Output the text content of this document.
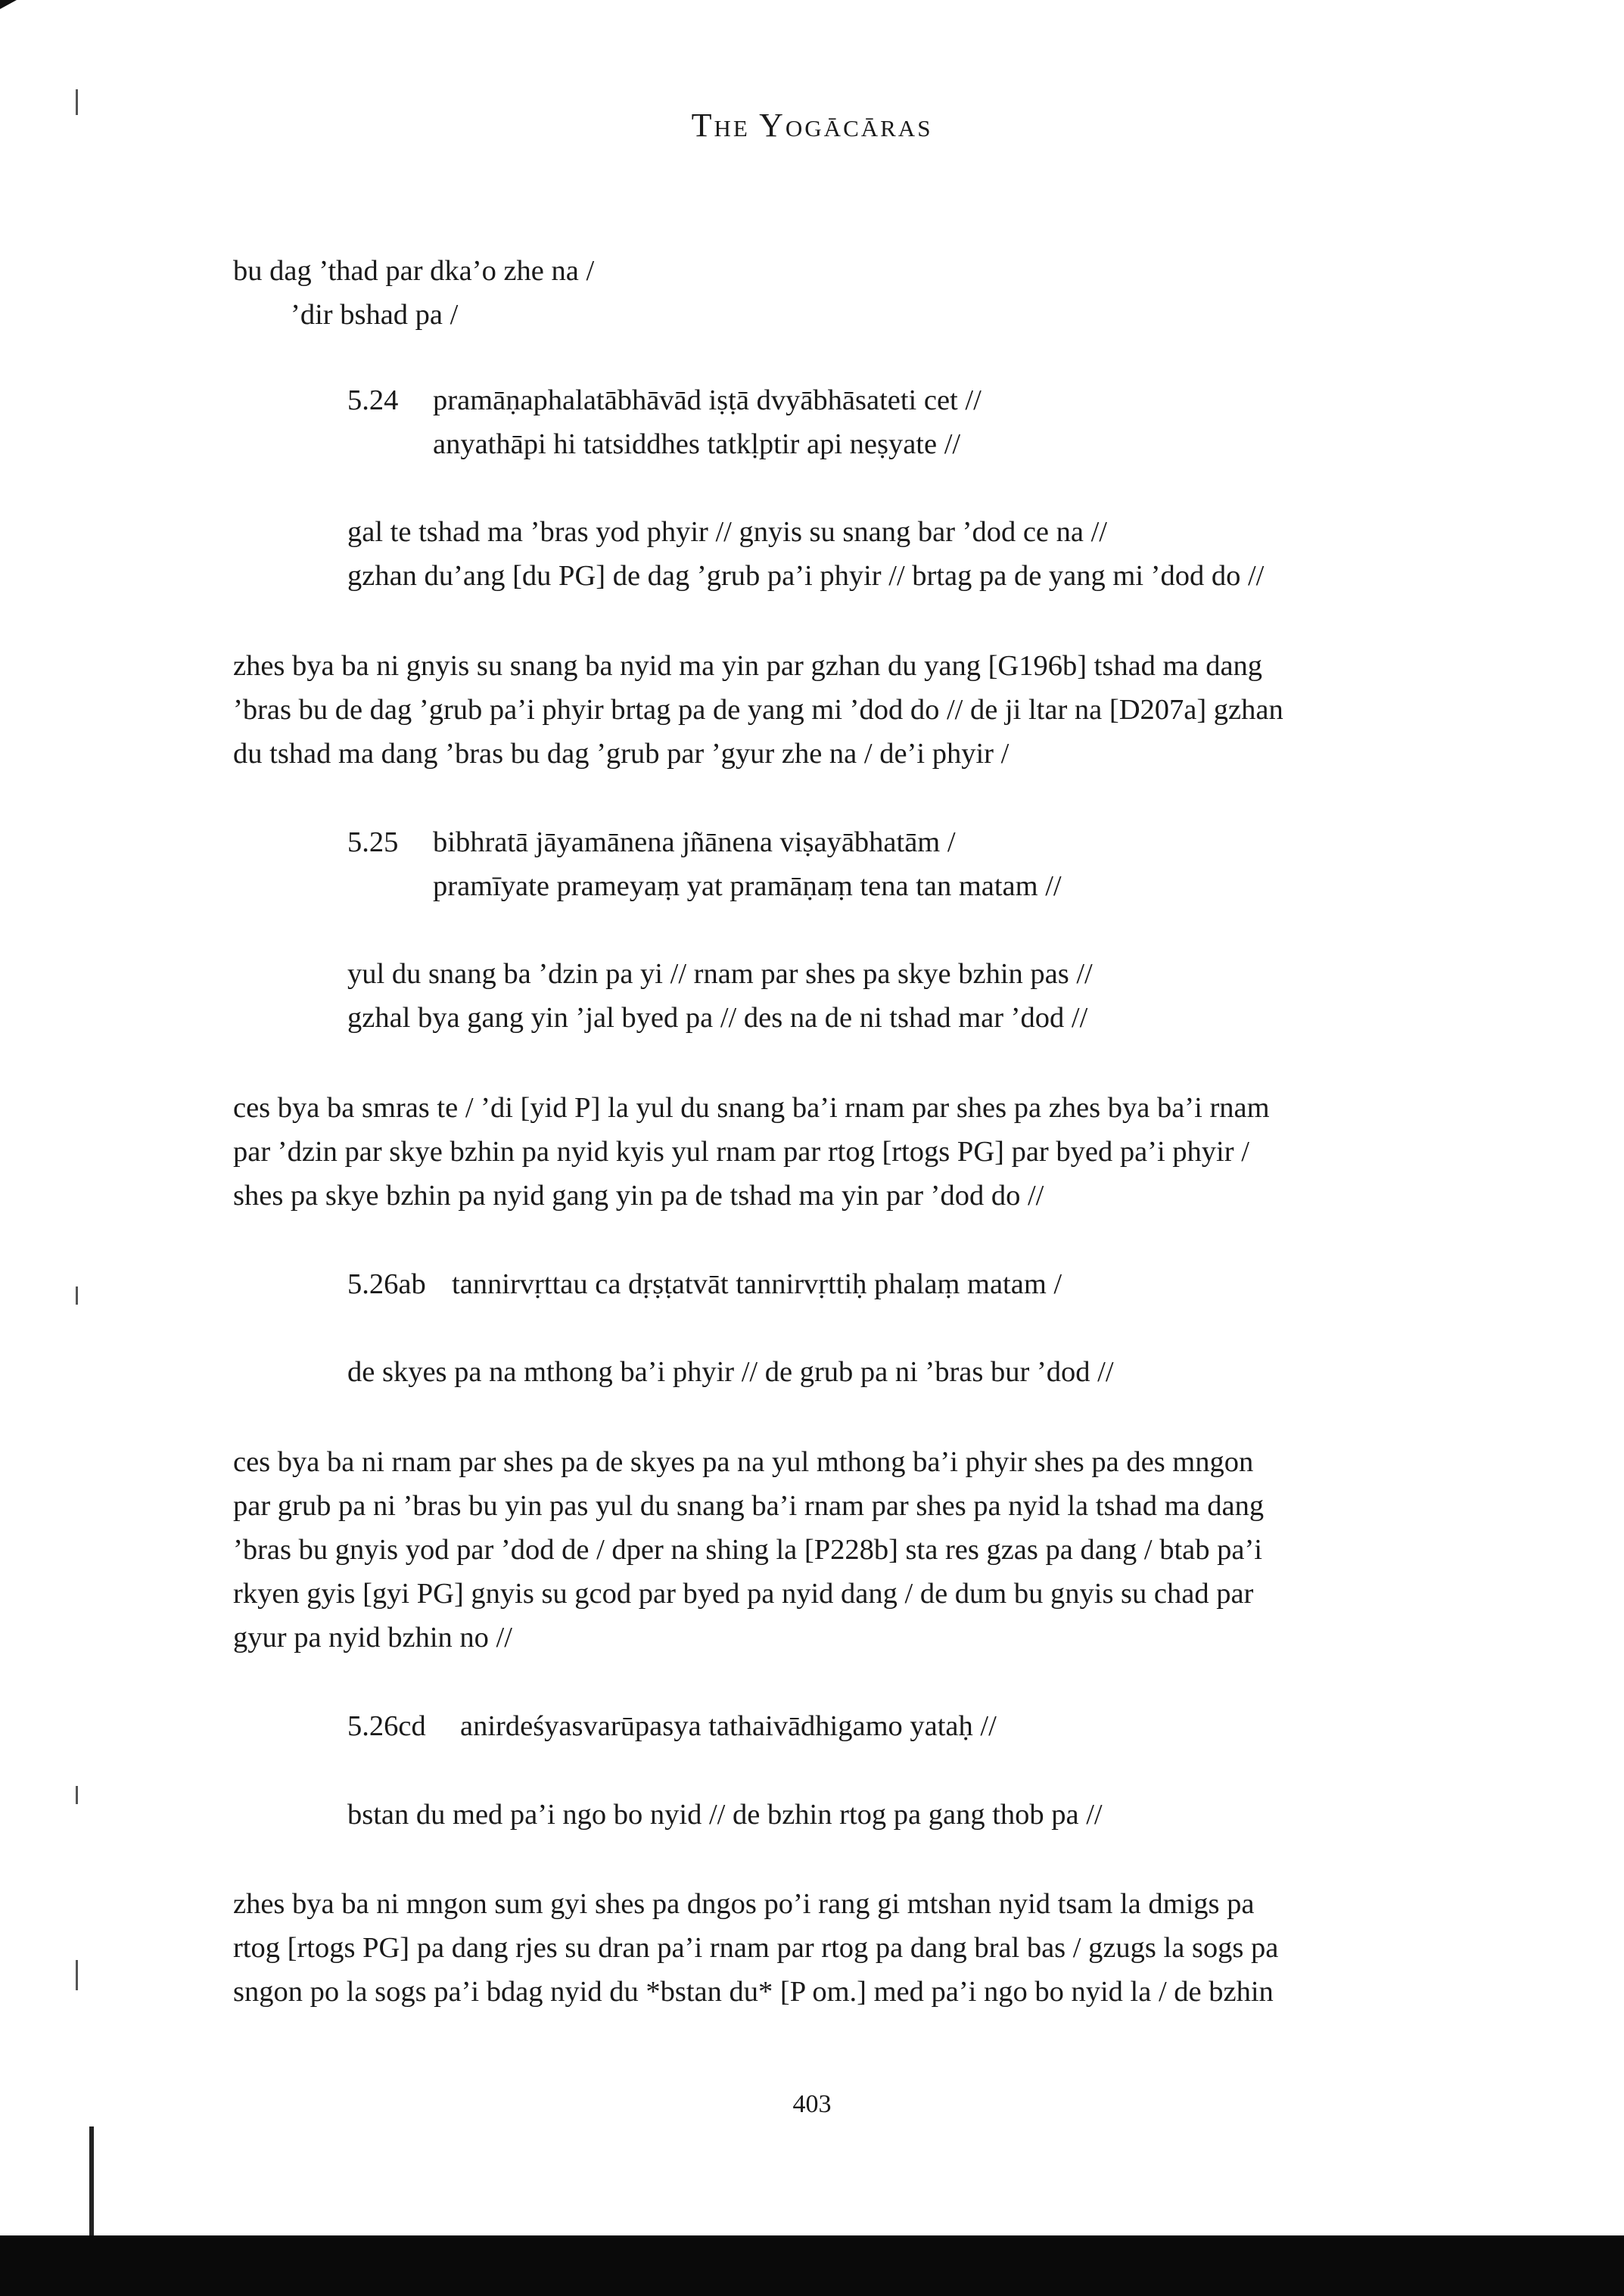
The Yogācāras
bu dag ’thad par dka’o zhe na /
’dir bshad pa /
5.24 pramāṇaphalatābhāvād iṣṭā dvyābhāsateti cet //
anyathāpi hi tatsiddhes tatkḷptir api neṣyate //
gal te tshad ma ’bras yod phyir // gnyis su snang bar ’dod ce na //
gzhan du’ang [du PG] de dag ’grub pa’i phyir // brtag pa de yang mi ’dod do //
zhes bya ba ni gnyis su snang ba nyid ma yin par gzhan du yang [G196b] tshad ma dang
’bras bu de dag ’grub pa’i phyir brtag pa de yang mi ’dod do // de ji ltar na [D207a] gzhan
du tshad ma dang ’bras bu dag ’grub par ’gyur zhe na / de’i phyir /
5.25 bibhratā jāyamānena jñānena viṣayābhatām /
pramīyate prameyaṃ yat pramāṇaṃ tena tan matam //
yul du snang ba ’dzin pa yi // rnam par shes pa skye bzhin pas //
gzhal bya gang yin ’jal byed pa // des na de ni tshad mar ’dod //
ces bya ba smras te / ’di [yid P] la yul du snang ba’i rnam par shes pa zhes bya ba’i rnam
par ’dzin par skye bzhin pa nyid kyis yul rnam par rtog [rtogs PG] par byed pa’i phyir /
shes pa skye bzhin pa nyid gang yin pa de tshad ma yin par ’dod do //
5.26ab tannirvṛttau ca dṛṣṭatvāt tannirvṛttiḥ phalaṃ matam /
de skyes pa na mthong ba’i phyir // de grub pa ni ’bras bur ’dod //
ces bya ba ni rnam par shes pa de skyes pa na yul mthong ba’i phyir shes pa des mngon
par grub pa ni ’bras bu yin pas yul du snang ba’i rnam par shes pa nyid la tshad ma dang
’bras bu gnyis yod par ’dod de / dper na shing la [P228b] sta res gzas pa dang / btab pa’i
rkyen gyis [gyi PG] gnyis su gcod par byed pa nyid dang / de dum bu gnyis su chad par
gyur pa nyid bzhin no //
5.26cd anirdeśyasvarūpasya tathaivādhigamo yataḥ //
bstan du med pa’i ngo bo nyid // de bzhin rtog pa gang thob pa //
zhes bya ba ni mngon sum gyi shes pa dngos po’i rang gi mtshan nyid tsam la dmigs pa
rtog [rtogs PG] pa dang rjes su dran pa’i rnam par rtog pa dang bral bas / gzugs la sogs pa
sngon po la sogs pa’i bdag nyid du *bstan du* [P om.] med pa’i ngo bo nyid la / de bzhin
403
